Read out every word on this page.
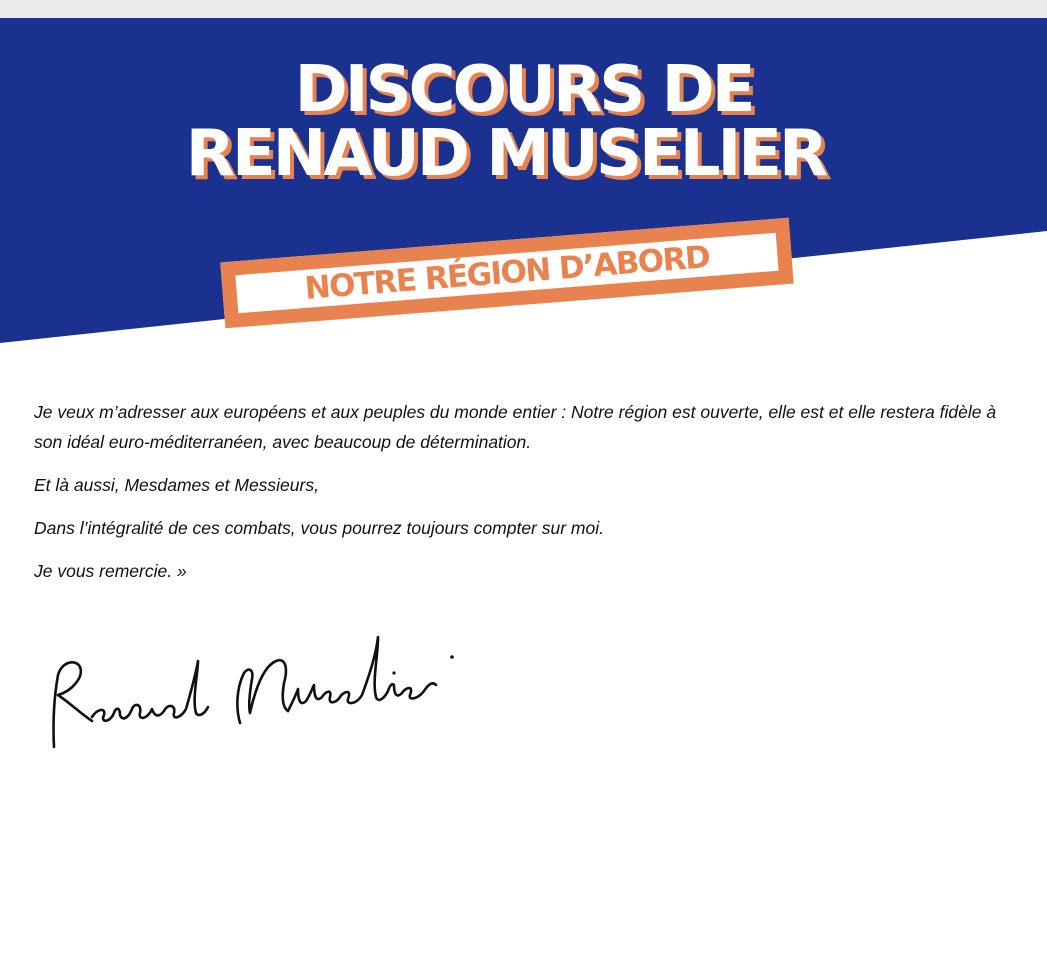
DISCOURS DE
RENAUD MUSELIER
NOTRE RÉGION D’ABORD

Je veux m’adresser aux européens et aux peuples du monde entier : Notre région est ouverte, elle est et elle restera fidèle à son idéal euro-méditerranéen, avec beaucoup de détermination.

Et là aussi, Mesdames et Messieurs,

Dans l’intégralité de ces combats, vous pourrez toujours compter sur moi.

Je vous remercie. »
